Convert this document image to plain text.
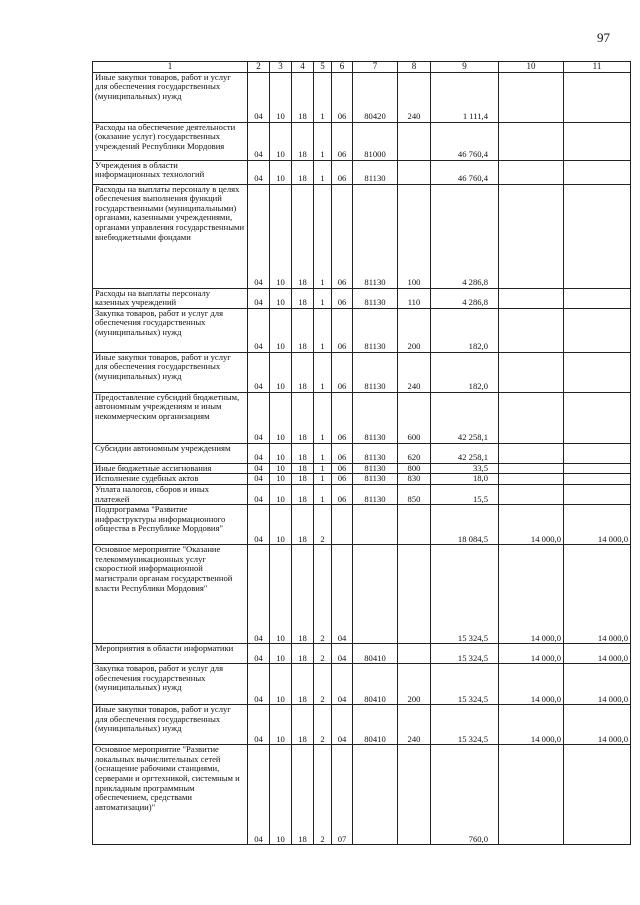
97
1	2	3	4	5	6	7	8	9	10	11
Иные закупки товаров, работ и услуг для обеспечения государственных (муниципальных) нужд	04	10	18	1	06	80420	240	1 111,4		
Расходы на обеспечение деятельности (оказание услуг) государственных учреждений Республики Мордовия	04	10	18	1	06	81000		46 760,4		
Учреждения в области информационных технологий	04	10	18	1	06	81130		46 760,4		
Расходы на выплаты персоналу в целях обеспечения выполнения функций государственными (муниципальными) органами, казенными учреждениями, органами управления государственными внебюджетными фондами	04	10	18	1	06	81130	100	4 286,8		
Расходы на выплаты персоналу казенных учреждений	04	10	18	1	06	81130	110	4 286,8		
Закупка товаров, работ и услуг для обеспечения государственных (муниципальных) нужд	04	10	18	1	06	81130	200	182,0		
Иные закупки товаров, работ и услуг для обеспечения государственных (муниципальных) нужд	04	10	18	1	06	81130	240	182,0		
Предоставление субсидий бюджетным, автономным учреждениям и иным некоммерческим организациям	04	10	18	1	06	81130	600	42 258,1		
Субсидии автономным учреждениям	04	10	18	1	06	81130	620	42 258,1		
Иные бюджетные ассигнования	04	10	18	1	06	81130	800	33,5		
Исполнение судебных актов	04	10	18	1	06	81130	830	18,0		
Уплата налогов, сборов и иных платежей	04	10	18	1	06	81130	850	15,5		
Подпрограмма "Развитие инфраструктуры информационного общества в Республике Мордовия"	04	10	18	2				18 084,5	14 000,0	14 000,0
Основное мероприятие "Оказание телекоммуникационных услуг скоростной информационной магистрали органам государственной власти Республики Мордовия"	04	10	18	2	04			15 324,5	14 000,0	14 000,0
Мероприятия в области информатики	04	10	18	2	04	80410		15 324,5	14 000,0	14 000,0
Закупка товаров, работ и услуг для обеспечения государственных (муниципальных) нужд	04	10	18	2	04	80410	200	15 324,5	14 000,0	14 000,0
Иные закупки товаров, работ и услуг для обеспечения государственных (муниципальных) нужд	04	10	18	2	04	80410	240	15 324,5	14 000,0	14 000,0
Основное мероприятие "Развитие локальных вычислительных сетей (оснащение рабочими станциями, серверами и оргтехникой, системным и прикладным программным обеспечением, средствами автоматизации)"	04	10	18	2	07			760,0		
